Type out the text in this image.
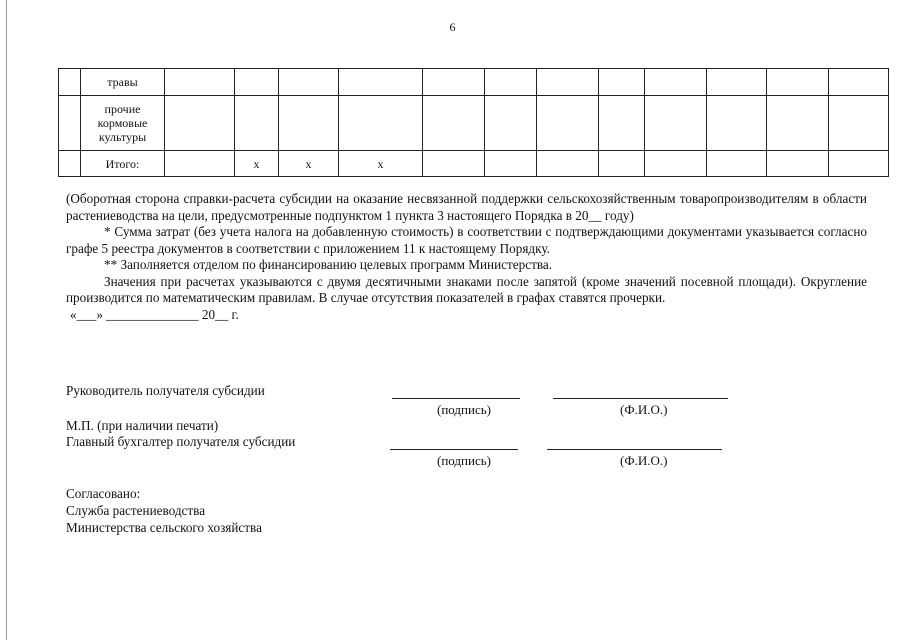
6
	травы												
	прочие кормовые культуры												
	Итого:		х	х	х								
(Оборотная сторона справки-расчета субсидии на оказание несвязанной поддержки сельскохозяйственным товаропроизводителям в области растениеводства на цели, предусмотренные подпунктом 1 пункта 3 настоящего Порядка в 20__ году)
* Сумма затрат (без учета налога на добавленную стоимость) в соответствии с подтверждающими документами указывается согласно графе 5 реестра документов в соответствии с приложением 11 к настоящему Порядку.
** Заполняется отделом по финансированию целевых программ Министерства.
Значения при расчетах указываются с двумя десятичными знаками после запятой (кроме значений посевной площади). Округление производится по математическим правилам. В случае отсутствия показателей в графах ставятся прочерки.
«___» ______________ 20__ г.
Руководитель получателя субсидии
(подпись)	(Ф.И.О.)
М.П. (при наличии печати)
Главный бухгалтер получателя субсидии
(подпись)	(Ф.И.О.)
Согласовано:
Служба растениеводства
Министерства сельского хозяйства
